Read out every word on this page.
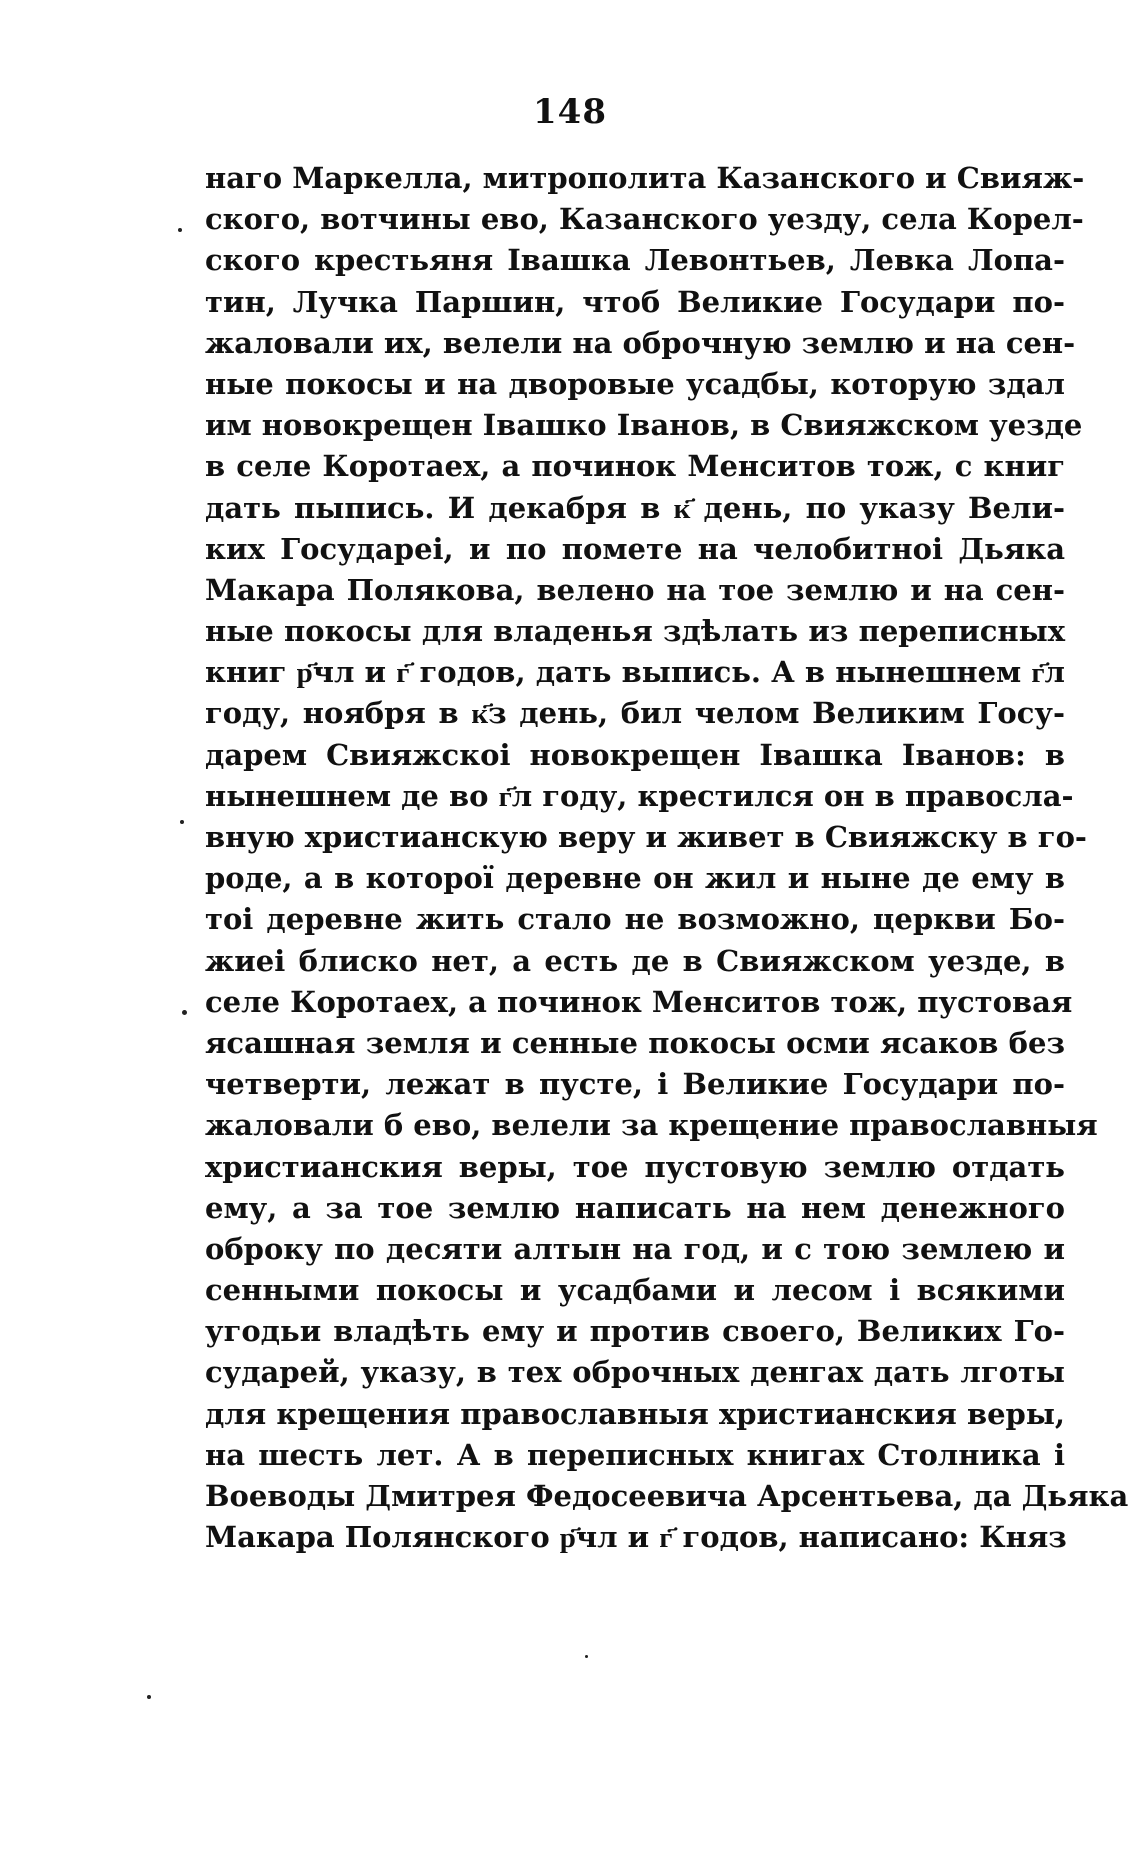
148
нaгo Маркелла, митрополита Казанского и Свияж-
ского, вотчины ево, Казанского уезду, села Корел-
ского крестьяня Івашка Левонтьев, Левка Лопа-
тин, Лучка Паршин, чтоб Великие Государи по-
жаловали их, велели на оброчную землю и на сен-
ные покосы и на дворовые усадбы, которую здал
им новокрещен Івашко Іванов, в Свияжском уезде
в селе Коротаех, а починок Менситов тож, с книг
дать пыпись. И декабря в к҃ день, по указу Вели-
ких Государеі, и по помете на челобитноі Дьяка
Макара Полякова, велено на тое землю и на сен-
ные покосы для владенья здѣлать из переписных
книг р҃чл и г҃ годов, дать выпись. А в нынешнем г҃л
году, ноября в к҃з день, бил челом Великим Госу-
дарем Свияжскоі новокрещен Івашка Іванов: в
нынешнем де во г҃л году, крестился он в правосла-
вную христианскую веру и живет в Свияжску в го-
роде, а в которої деревне он жил и ныне де ему в
тоі деревне жить стало не возможно, церкви Бо-
жиеі блиско нет, а есть де в Свияжском уезде, в
селе Коротаех, а починок Менситов тож, пустовая
ясашная земля и сенные покосы осми ясаков без
четверти, лежат в пусте, і Великие Государи по-
жаловали б ево, велели за крещение православныя
христианския веры, тое пустовую землю отдать
ему, а за тое землю написать на нем денежного
оброку по десяти алтын на год, и с тою землею и
сенными покосы и усадбами и лесом і всякими
угодьи владѣть ему и против своего, Великих Го-
сударей, указу, в тех оброчных денгах дать лготы
для крещения православныя христианския веры,
на шесть лет. А в переписных книгах Столника і
Воеводы Дмитрея Федосеевича Арсентьева, да Дьяка
Макара Полянского р҃чл и г҃ годов, написано: Княз
